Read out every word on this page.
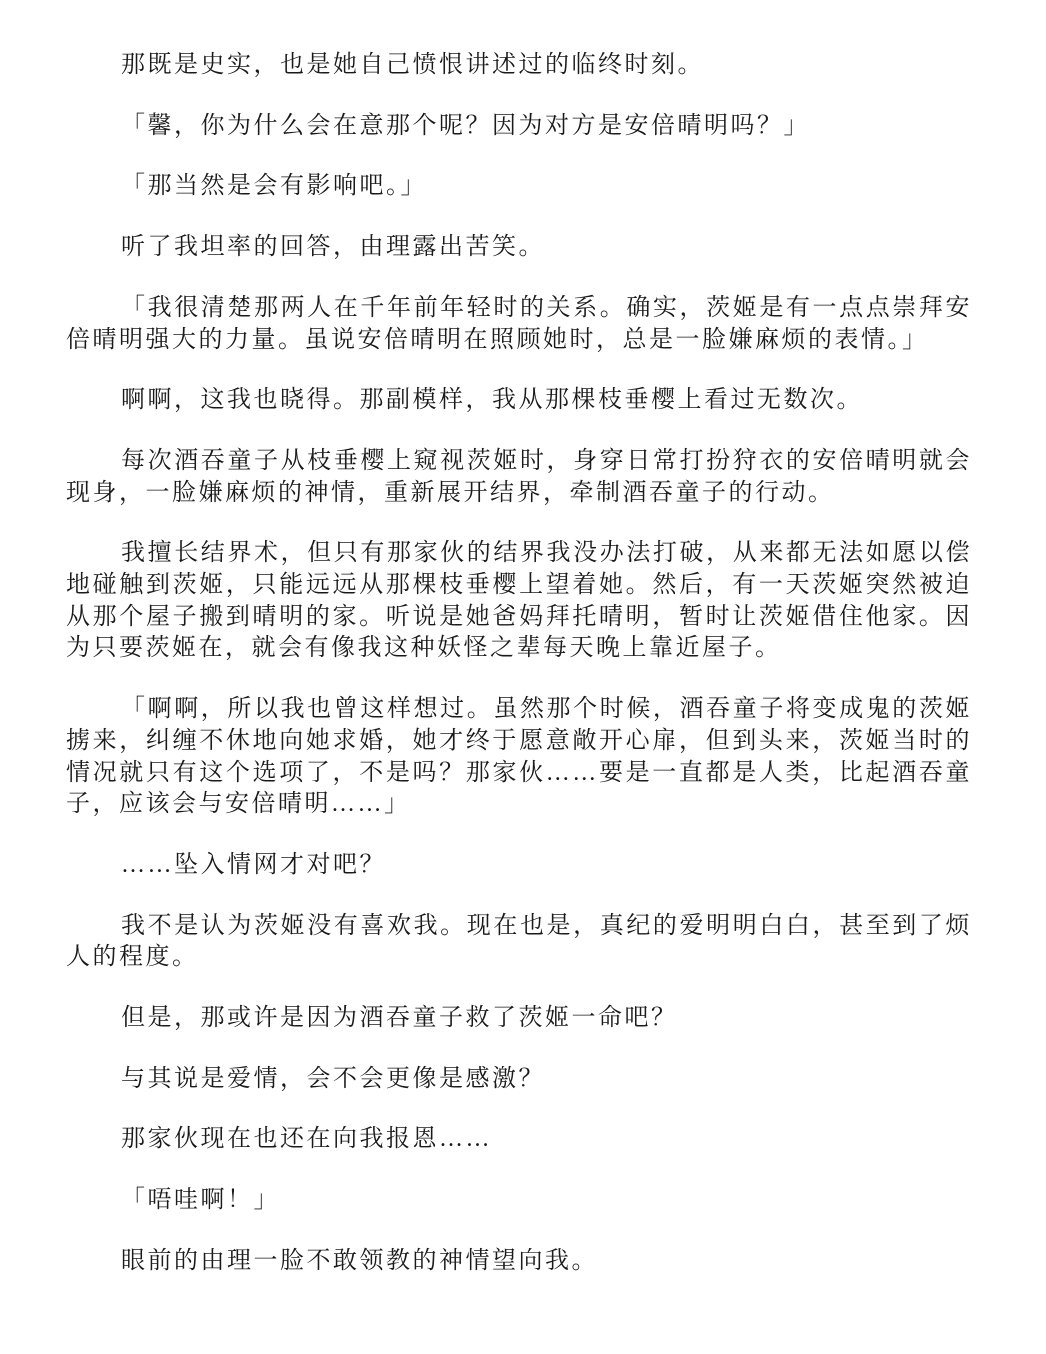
那既是史实，也是她自己愤恨讲述过的临终时刻。

「馨，你为什么会在意那个呢？因为对方是安倍晴明吗？」

「那当然是会有影响吧。」

听了我坦率的回答，由理露出苦笑。

「我很清楚那两人在千年前年轻时的关系。确实，茨姬是有一点点崇拜安倍晴明强大的力量。虽说安倍晴明在照顾她时，总是一脸嫌麻烦的表情。」

啊啊，这我也晓得。那副模样，我从那棵枝垂樱上看过无数次。

每次酒吞童子从枝垂樱上窥视茨姬时，身穿日常打扮狩衣的安倍晴明就会现身，一脸嫌麻烦的神情，重新展开结界，牵制酒吞童子的行动。

我擅长结界术，但只有那家伙的结界我没办法打破，从来都无法如愿以偿地碰触到茨姬，只能远远从那棵枝垂樱上望着她。然后，有一天茨姬突然被迫从那个屋子搬到晴明的家。听说是她爸妈拜托晴明，暂时让茨姬借住他家。因为只要茨姬在，就会有像我这种妖怪之辈每天晚上靠近屋子。

「啊啊，所以我也曾这样想过。虽然那个时候，酒吞童子将变成鬼的茨姬掳来，纠缠不休地向她求婚，她才终于愿意敞开心扉，但到头来，茨姬当时的情况就只有这个选项了，不是吗？那家伙……要是一直都是人类，比起酒吞童子，应该会与安倍晴明……」

……坠入情网才对吧？

我不是认为茨姬没有喜欢我。现在也是，真纪的爱明明白白，甚至到了烦人的程度。

但是，那或许是因为酒吞童子救了茨姬一命吧？

与其说是爱情，会不会更像是感激？

那家伙现在也还在向我报恩……

「唔哇啊！」

眼前的由理一脸不敢领教的神情望向我。
